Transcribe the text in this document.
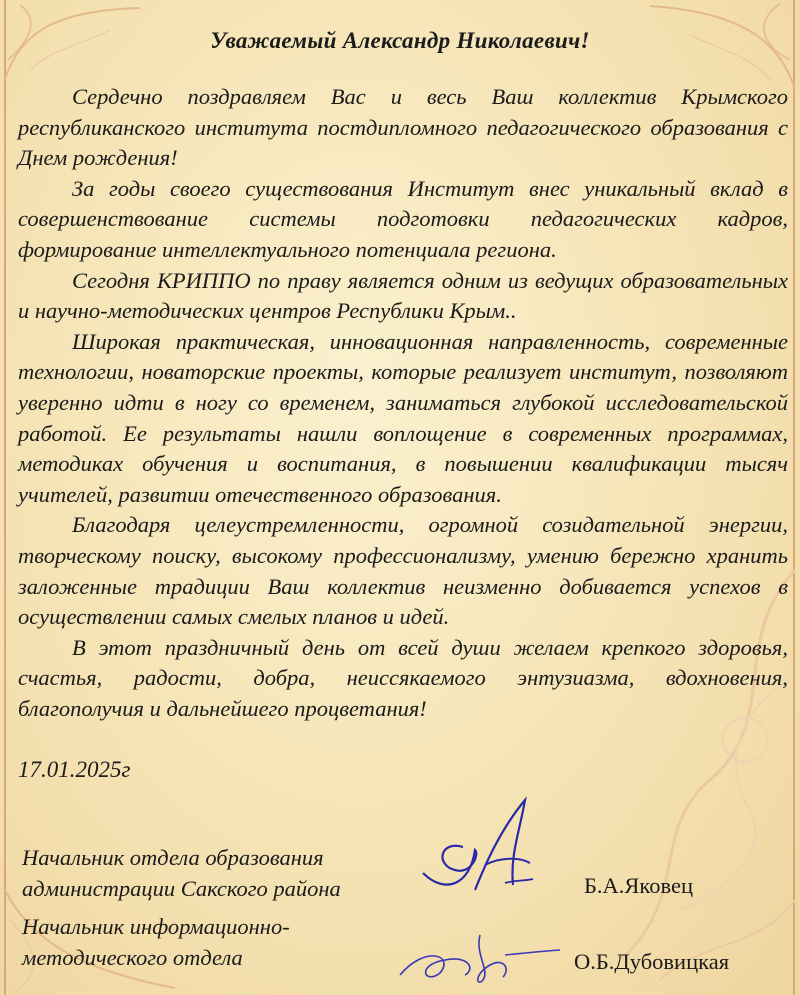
Уважаемый Александр Николаевич!

Сердечно поздравляем Вас и весь Ваш коллектив Крымского республиканского института постдипломного педагогического образования с Днем рождения!

За годы своего существования Институт внес уникальный вклад в совершенствование системы подготовки педагогических кадров, формирование интеллектуального потенциала региона.

Сегодня КРИППО по праву является одним из ведущих образовательных и научно-методических центров Республики Крым..

Широкая практическая, инновационная направленность, современные технологии, новаторские проекты, которые реализует институт, позволяют уверенно идти в ногу со временем, заниматься глубокой исследовательской работой. Ее результаты нашли воплощение в современных программах, методиках обучения и воспитания, в повышении квалификации тысяч учителей, развитии отечественного образования.

Благодаря целеустремленности, огромной созидательной энергии, творческому поиску, высокому профессионализму, умению бережно хранить заложенные традиции Ваш коллектив неизменно добивается успехов в осуществлении самых смелых планов и идей.

В этот праздничный день от всей души желаем крепкого здоровья, счастья, радости, добра, неиссякаемого энтузиазма, вдохновения, благополучия и дальнейшего процветания!

17.01.2025г
Начальник отдела образования
администрации Сакского района	Б.А.Яковец
Начальник информационно-
методического отдела	О.Б.Дубовицкая
